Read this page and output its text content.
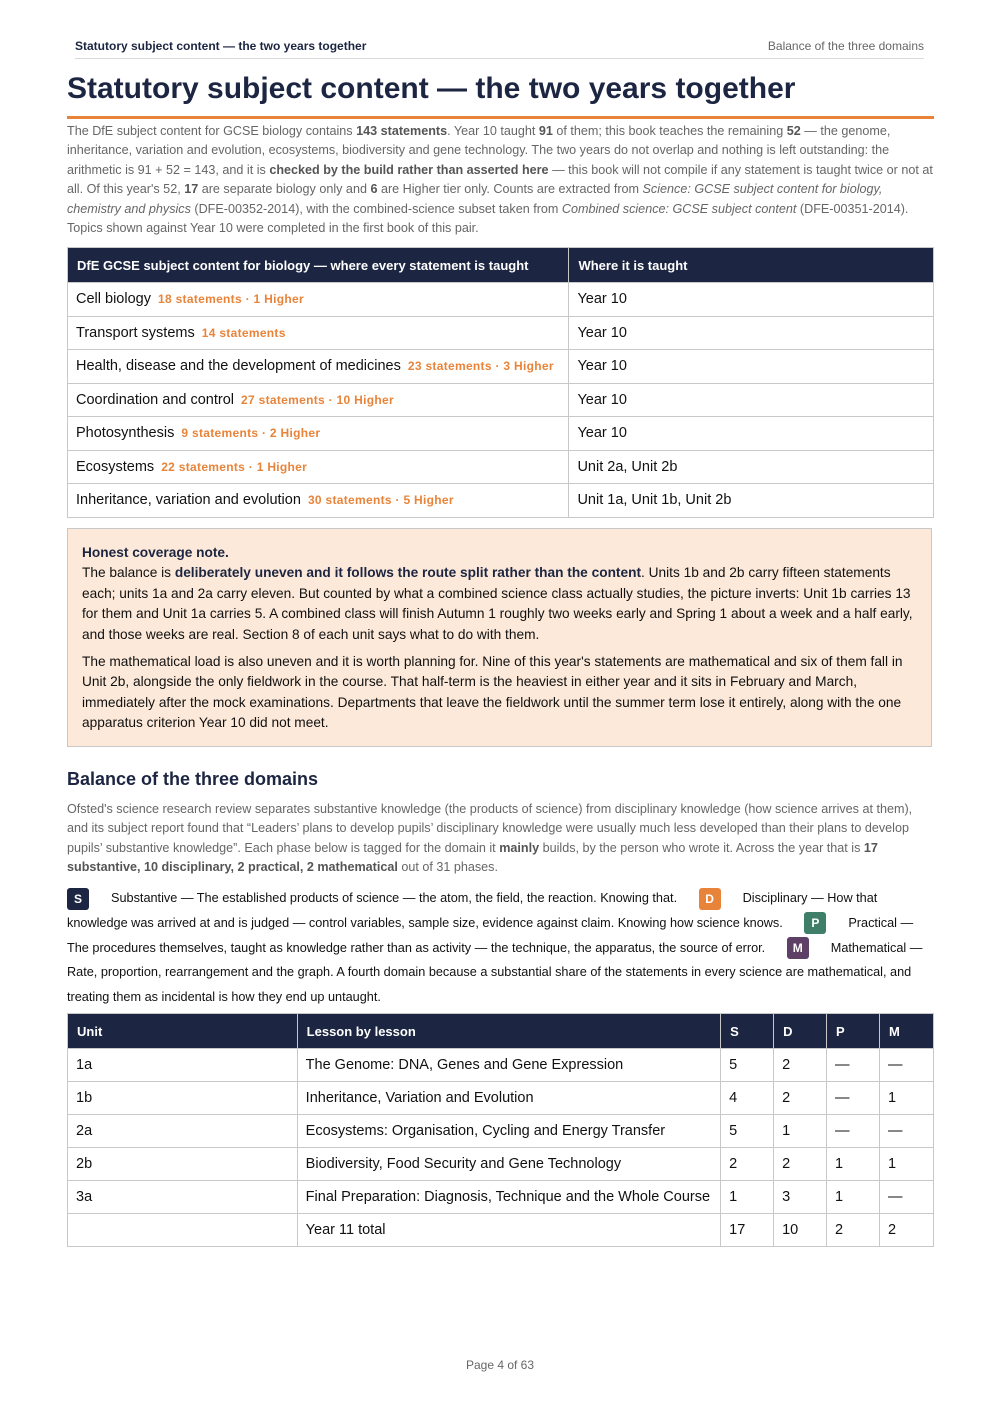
Statutory subject content — the two years together	Balance of the three domains
Statutory subject content — the two years together

The DfE subject content for GCSE biology contains 143 statements. Year 10 taught 91 of them; this book teaches the remaining 52 — the genome, inheritance, variation and evolution, ecosystems, biodiversity and gene technology. The two years do not overlap and nothing is left outstanding: the arithmetic is 91 + 52 = 143, and it is checked by the build rather than asserted here — this book will not compile if any statement is taught twice or not at all. Of this year's 52, 17 are separate biology only and 6 are Higher tier only. Counts are extracted from Science: GCSE subject content for biology, chemistry and physics (DFE-00352-2014), with the combined-science subset taken from Combined science: GCSE subject content (DFE-00351-2014). Topics shown against Year 10 were completed in the first book of this pair.

DfE GCSE subject content for biology — where every statement is taught	Where it is taught
Cell biology 18 statements · 1 Higher	Year 10
Transport systems 14 statements	Year 10
Health, disease and the development of medicines 23 statements · 3 Higher	Year 10
Coordination and control 27 statements · 10 Higher	Year 10
Photosynthesis 9 statements · 2 Higher	Year 10
Ecosystems 22 statements · 1 Higher	Unit 2a, Unit 2b
Inheritance, variation and evolution 30 statements · 5 Higher	Unit 1a, Unit 1b, Unit 2b
Honest coverage note.

The balance is deliberately uneven and it follows the route split rather than the content. Units 1b and 2b carry fifteen statements each; units 1a and 2a carry eleven. But counted by what a combined science class actually studies, the picture inverts: Unit 1b carries 13 for them and Unit 1a carries 5. A combined class will finish Autumn 1 roughly two weeks early and Spring 1 about a week and a half early, and those weeks are real. Section 8 of each unit says what to do with them.

The mathematical load is also uneven and it is worth planning for. Nine of this year's statements are mathematical and six of them fall in Unit 2b, alongside the only fieldwork in the course. That half-term is the heaviest in either year and it sits in February and March, immediately after the mock examinations. Departments that leave the fieldwork until the summer term lose it entirely, along with the one apparatus criterion Year 10 did not meet.

Balance of the three domains

Ofsted's science research review separates substantive knowledge (the products of science) from disciplinary knowledge (how science arrives at them), and its subject report found that “Leaders’ plans to develop pupils’ disciplinary knowledge were usually much less developed than their plans to develop pupils’ substantive knowledge”. Each phase below is tagged for the domain it mainly builds, by the person who wrote it. Across the year that is 17 substantive, 10 disciplinary, 2 practical, 2 mathematical out of 31 phases.

S Substantive — The established products of science — the atom, the field, the reaction. Knowing that. D Disciplinary — How that knowledge was arrived at and is judged — control variables, sample size, evidence against claim. Knowing how science knows. P Practical — The procedures themselves, taught as knowledge rather than as activity — the technique, the apparatus, the source of error. M Mathematical — Rate, proportion, rearrangement and the graph. A fourth domain because a substantial share of the statements in every science are mathematical, and treating them as incidental is how they end up untaught.
Unit	Lesson by lesson	S	D	P	M
1a	The Genome: DNA, Genes and Gene Expression	5	2	—	—
1b	Inheritance, Variation and Evolution	4	2	—	1
2a	Ecosystems: Organisation, Cycling and Energy Transfer	5	1	—	—
2b	Biodiversity, Food Security and Gene Technology	2	2	1	1
3a	Final Preparation: Diagnosis, Technique and the Whole Course	1	3	1	—
	Year 11 total	17	10	2	2
Page 4 of 63
